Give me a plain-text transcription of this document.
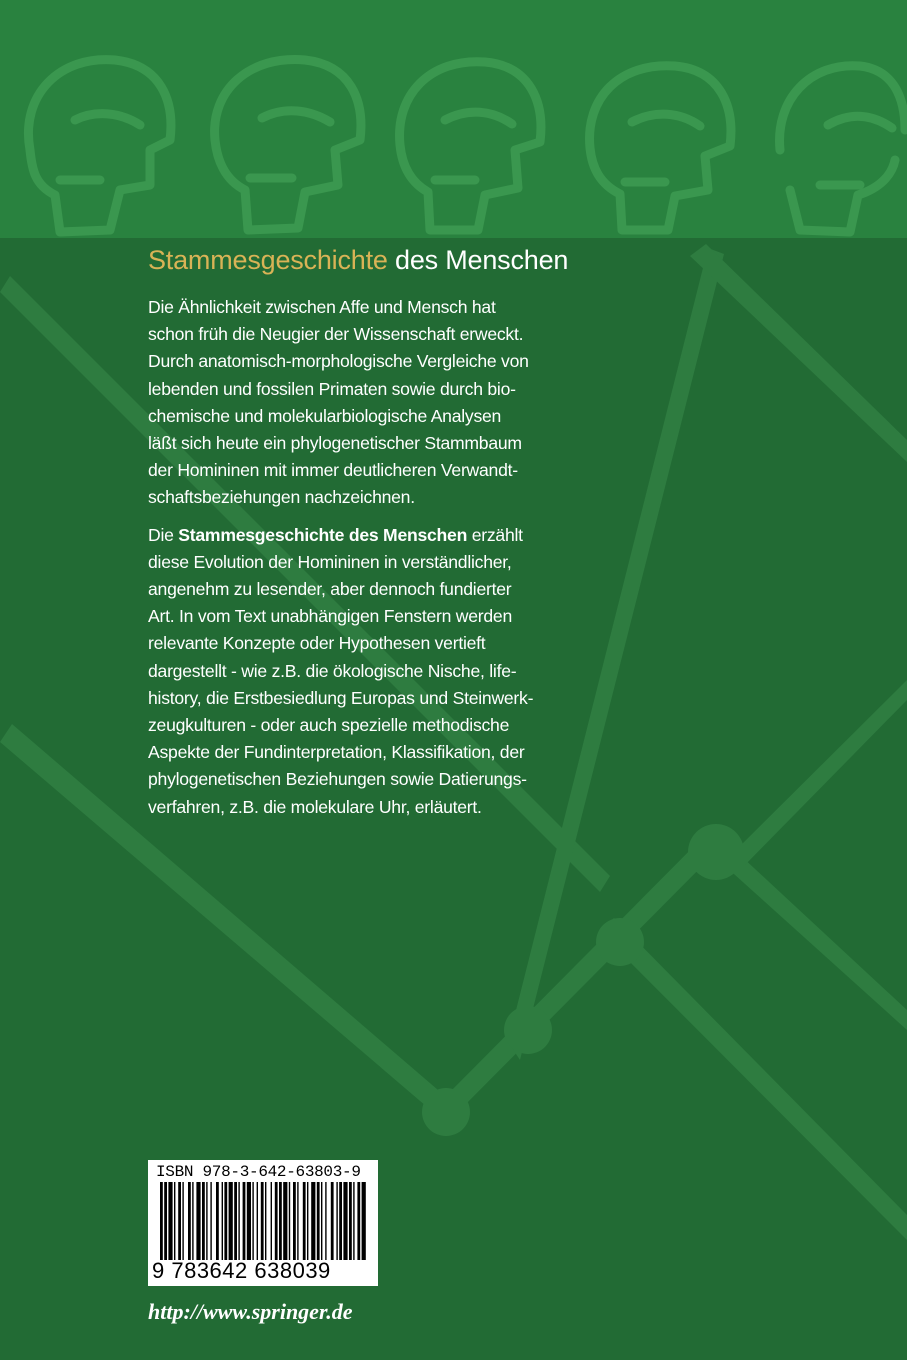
Stammesgeschichte des Menschen

Die Ähnlichkeit zwischen Affe und Mensch hat
schon früh die Neugier der Wissenschaft erweckt.
Durch anatomisch-morphologische Vergleiche von
lebenden und fossilen Primaten sowie durch bio-
chemische und molekularbiologische Analysen
läßt sich heute ein phylogenetischer Stammbaum
der Homininen mit immer deutlicheren Verwandt-
schaftsbeziehungen nachzeichnen.

Die Stammesgeschichte des Menschen erzählt
diese Evolution der Homininen in verständlicher,
angenehm zu lesender, aber dennoch fundierter
Art. In vom Text unabhängigen Fenstern werden
relevante Konzepte oder Hypothesen vertieft
dargestellt - wie z.B. die ökologische Nische, life-
history, die Erstbesiedlung Europas und Steinwerk-
zeugkulturen - oder auch spezielle methodische
Aspekte der Fundinterpretation, Klassifikation, der
phylogenetischen Beziehungen sowie Datierungs-
verfahren, z.B. die molekulare Uhr, erläutert.

ISBN 978-3-642-63803-9

9 783642 638039

http://www.springer.de
